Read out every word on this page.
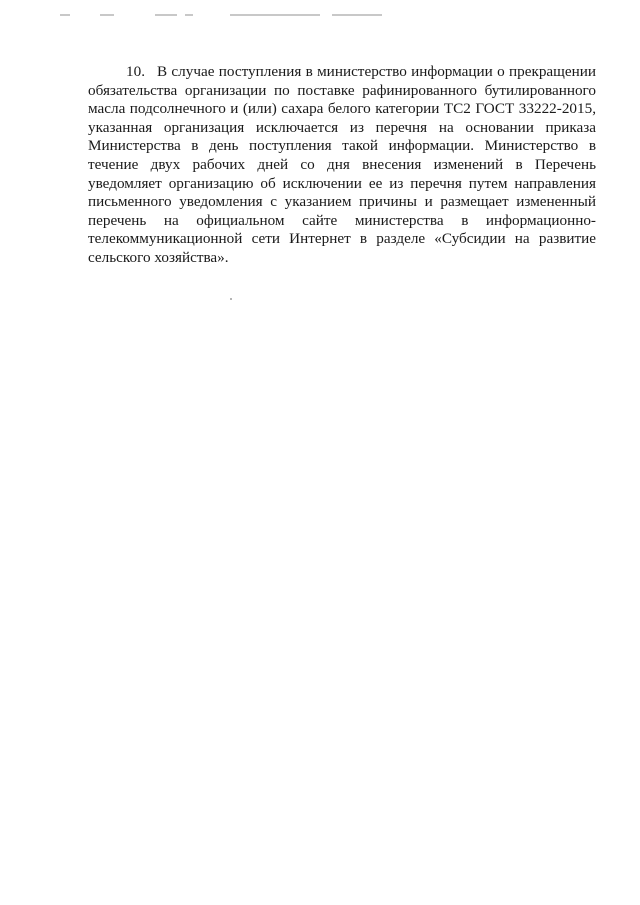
10. В случае поступления в министерство информации о прекращении обязательства организации по поставке рафинированного бутилированного масла подсолнечного и (или) сахара белого категории ТС2 ГОСТ 33222-2015, указанная организация исключается из перечня на основании приказа Министерства в день поступления такой информации. Министерство в течение двух рабочих дней со дня внесения изменений в Перечень уведомляет организацию об исключении ее из перечня путем направления письменного уведомления с указанием причины и размещает измененный перечень на официальном сайте министерства в информационно-телекоммуникационной сети Интернет в разделе «Субсидии на развитие сельского хозяйства».
